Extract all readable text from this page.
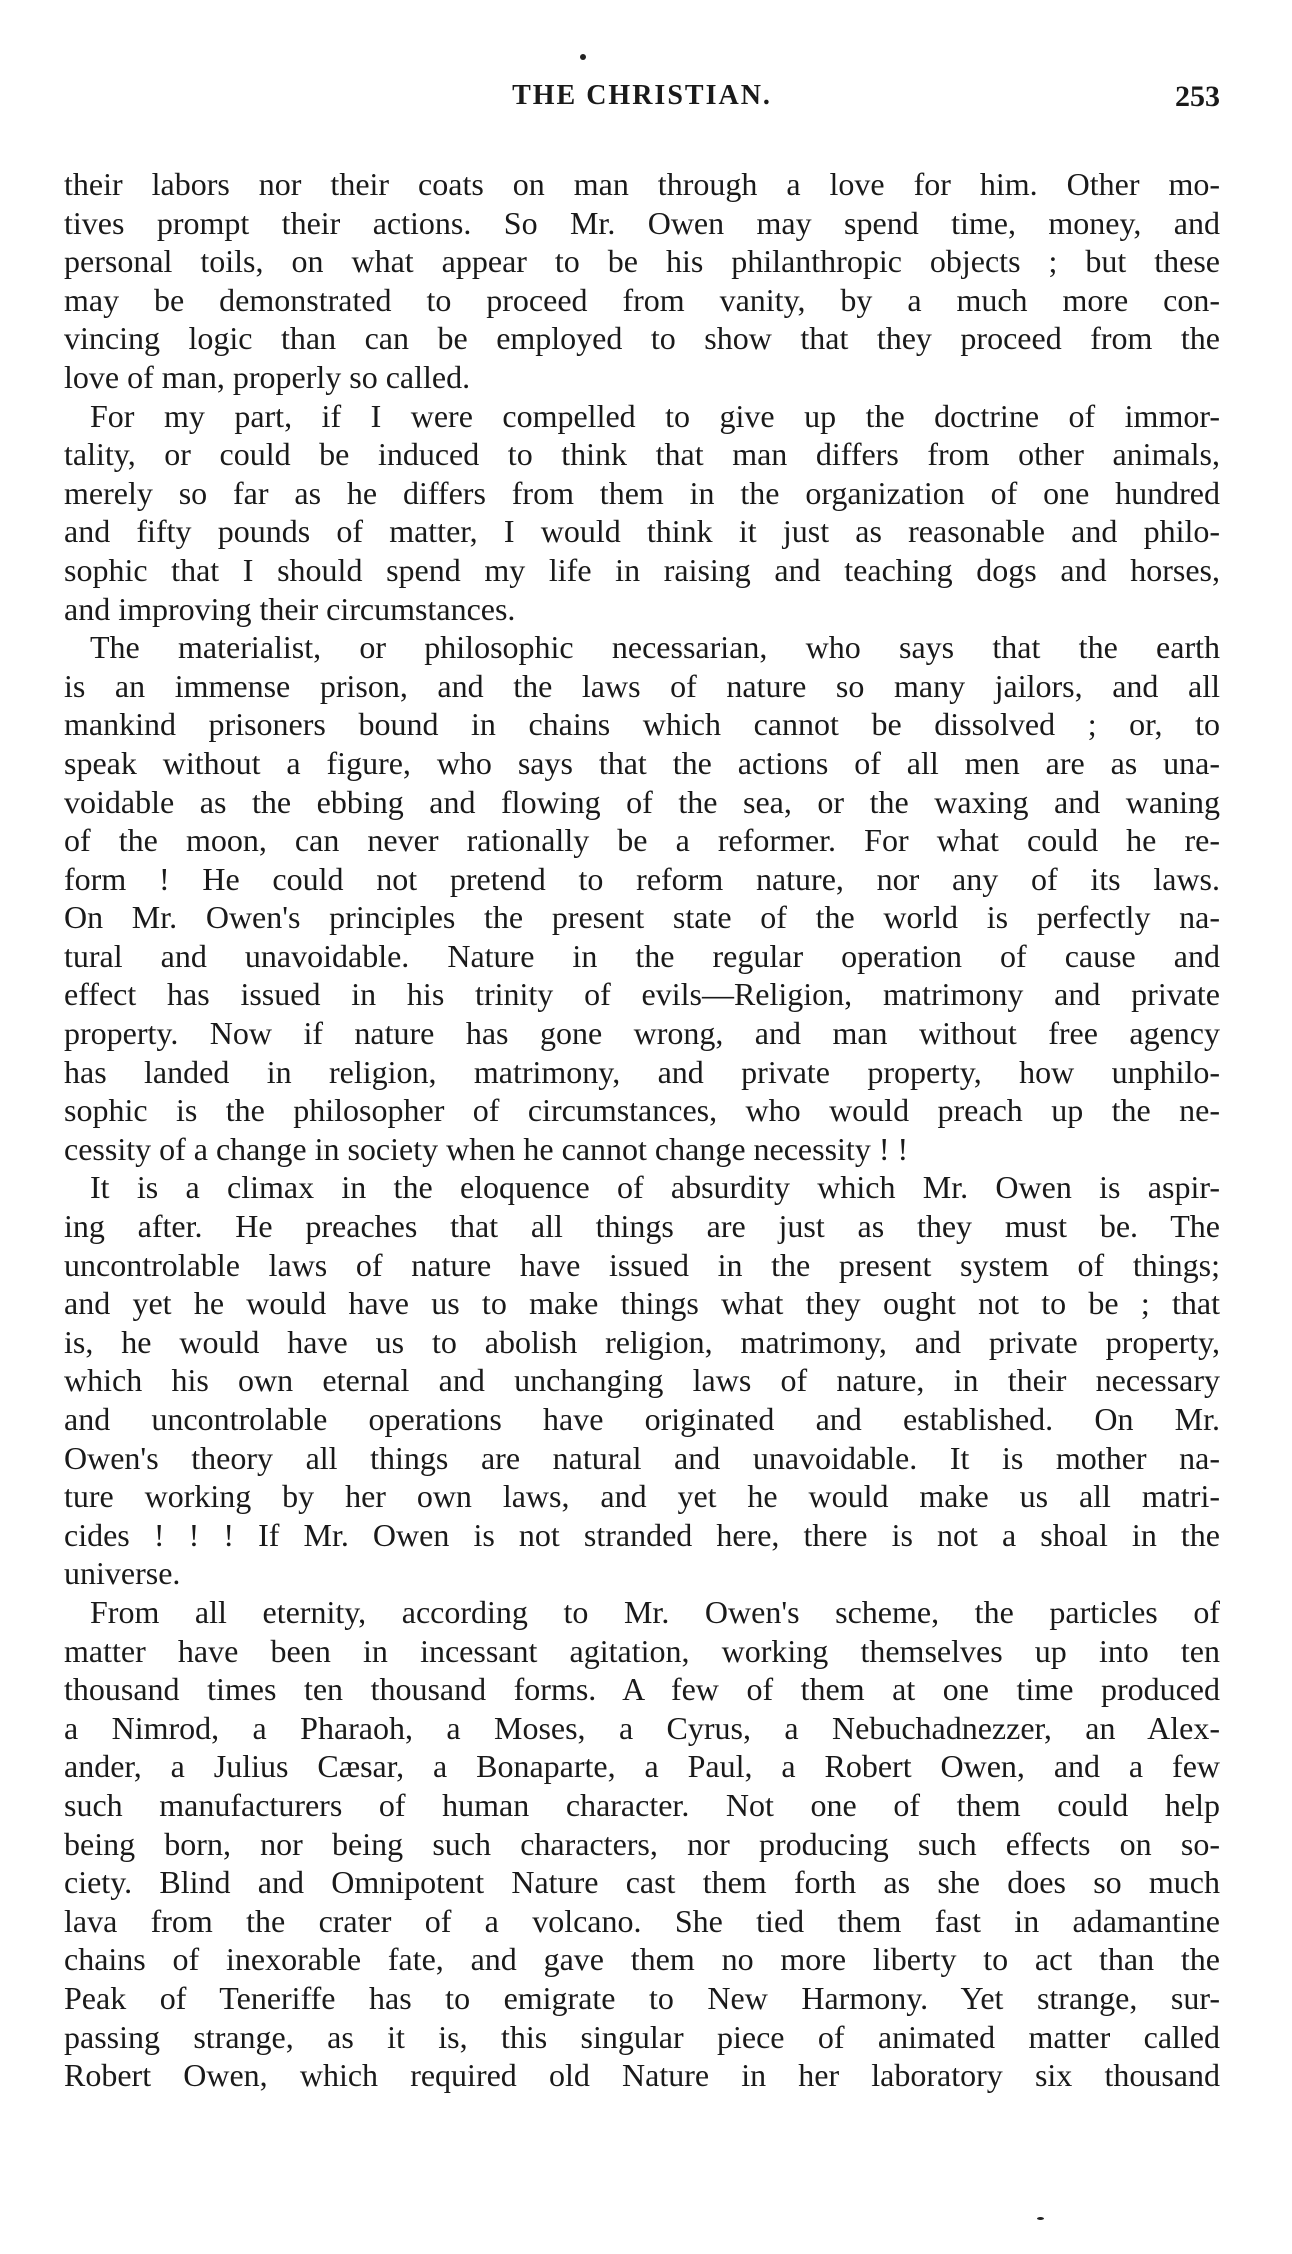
THE CHRISTIAN.	253
their labors nor their coats on man through a love for him. Other mo-
tives prompt their actions. So Mr. Owen may spend time, money, and
personal toils, on what appear to be his philanthropic objects ; but these
may be demonstrated to proceed from vanity, by a much more con-
vincing logic than can be employed to show that they proceed from the
love of man, properly so called.
For my part, if I were compelled to give up the doctrine of immor-
tality, or could be induced to think that man differs from other animals,
merely so far as he differs from them in the organization of one hundred
and fifty pounds of matter, I would think it just as reasonable and philo-
sophic that I should spend my life in raising and teaching dogs and horses,
and improving their circumstances.
The materialist, or philosophic necessarian, who says that the earth
is an immense prison, and the laws of nature so many jailors, and all
mankind prisoners bound in chains which cannot be dissolved ; or, to
speak without a figure, who says that the actions of all men are as una-
voidable as the ebbing and flowing of the sea, or the waxing and waning
of the moon, can never rationally be a reformer. For what could he re-
form ! He could not pretend to reform nature, nor any of its laws.
On Mr. Owen's principles the present state of the world is perfectly na-
tural and unavoidable. Nature in the regular operation of cause and
effect has issued in his trinity of evils—Religion, matrimony and private
property. Now if nature has gone wrong, and man without free agency
has landed in religion, matrimony, and private property, how unphilo-
sophic is the philosopher of circumstances, who would preach up the ne-
cessity of a change in society when he cannot change necessity ! !
It is a climax in the eloquence of absurdity which Mr. Owen is aspir-
ing after. He preaches that all things are just as they must be. The
uncontrolable laws of nature have issued in the present system of things;
and yet he would have us to make things what they ought not to be ; that
is, he would have us to abolish religion, matrimony, and private property,
which his own eternal and unchanging laws of nature, in their necessary
and uncontrolable operations have originated and established. On Mr.
Owen's theory all things are natural and unavoidable. It is mother na-
ture working by her own laws, and yet he would make us all matri-
cides ! ! ! If Mr. Owen is not stranded here, there is not a shoal in the
universe.
From all eternity, according to Mr. Owen's scheme, the particles of
matter have been in incessant agitation, working themselves up into ten
thousand times ten thousand forms. A few of them at one time produced
a Nimrod, a Pharaoh, a Moses, a Cyrus, a Nebuchadnezzer, an Alex-
ander, a Julius Cæsar, a Bonaparte, a Paul, a Robert Owen, and a few
such manufacturers of human character. Not one of them could help
being born, nor being such characters, nor producing such effects on so-
ciety. Blind and Omnipotent Nature cast them forth as she does so much
lava from the crater of a volcano. She tied them fast in adamantine
chains of inexorable fate, and gave them no more liberty to act than the
Peak of Teneriffe has to emigrate to New Harmony. Yet strange, sur-
passing strange, as it is, this singular piece of animated matter called
Robert Owen, which required old Nature in her laboratory six thousand
